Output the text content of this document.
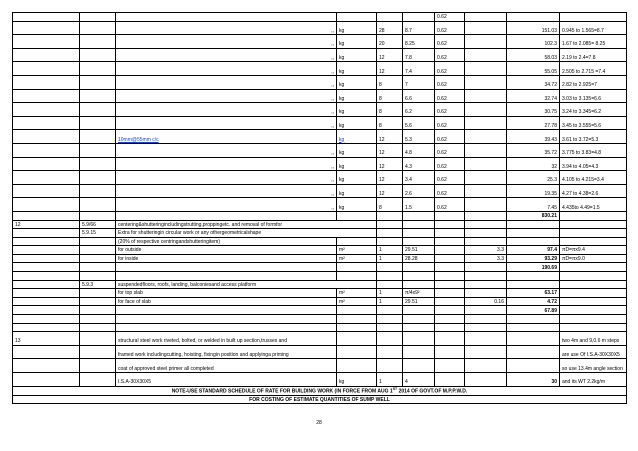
						0.62			
		,,	kg	28	8.7	0.62		151.03	0.945 to 1.565=8.7
		,,	kg	20	8.25	0.62		102.3	1.67 to 2.085= 8.25
		,,	kg	12	7.8	0.62		58.03	2.19 to 2.4=7.8
		,,	kg	12	7.4	0.62		55.05	2.505 to 2.715 =7.4
		,,	kg	8	7	0.62		34.72	2.82 to 2.925=7
		,,	kg	8	6.6	0.62		32.74	3.03 to 3.135=6.6
		,,	kg	8	6.2	0.62		30.75	3.24 to 3.345=6.2
		,,	kg	8	5.6	0.62		27.78	3.45 to 3.555=5.6
		10mm@55mm c/c	kg	12	5.3	0.62		39.43	3.61 to 3.72=5.3
		,,	kg	12	4.8	0.62		35.72	3.775 to 3.83=4.8
		,,	kg	12	4.3	0.62		32	3.94 to 4.05=4.3
		,,	kg	12	3.4	0.62		25.3	4.105 to 4.215=3.4
		,,	kg	12	2.6	0.62		19.35	4.27 to 4.38=2.6
		,,	kg	8	1.5	0.62		7.45	4.435to 4.49=1.5
								830.21	
12	5.9/66	centering&shutteringincludingstrutting,proppingetc. and removal of formfor							
	5.9.15	Extra for shutteringin circular work or any othergeometricalshape							
		(20% of respective centringandshutteringitem)							
		for outside	m²	1	29.51		3.3	97.4	πD=πx9.4
		for inside	m²	1	28.28		3.3	93.29	πD=πx9.0
								190.69	

	5.9.3	suspendedfloors, roofs, landing, balconiesand access platform							
		for top slab	m²	1	π/4x9²			63.17	
		for face of slab	m²	1	29.51		0.16	4.72	
								67.89	

13		structural steel work riveted, bolted, or welded in built up section,trusses and							two 4m and 9,0.6 m steps
		framed work includingcutting, hoisting, fixingin position and applyinga priming							are use Of I.S.A-30X30X5
		coat of approved steel primer all completed							so use 13.4m angle section
		I.S.A-30X30X5	kg	1	4			30	and its WT 2.2kg/m
NOTE-USE STANDARD SCHEDULE OF RATE FOR BUILDING WORK (IN FORCE FROM AUG 1ST 2014 OF GOVT.OF M.P.P.W.D.									
FOR COSTING OF ESTIMATE QUANTITIES OF SUMP WELL									
28
